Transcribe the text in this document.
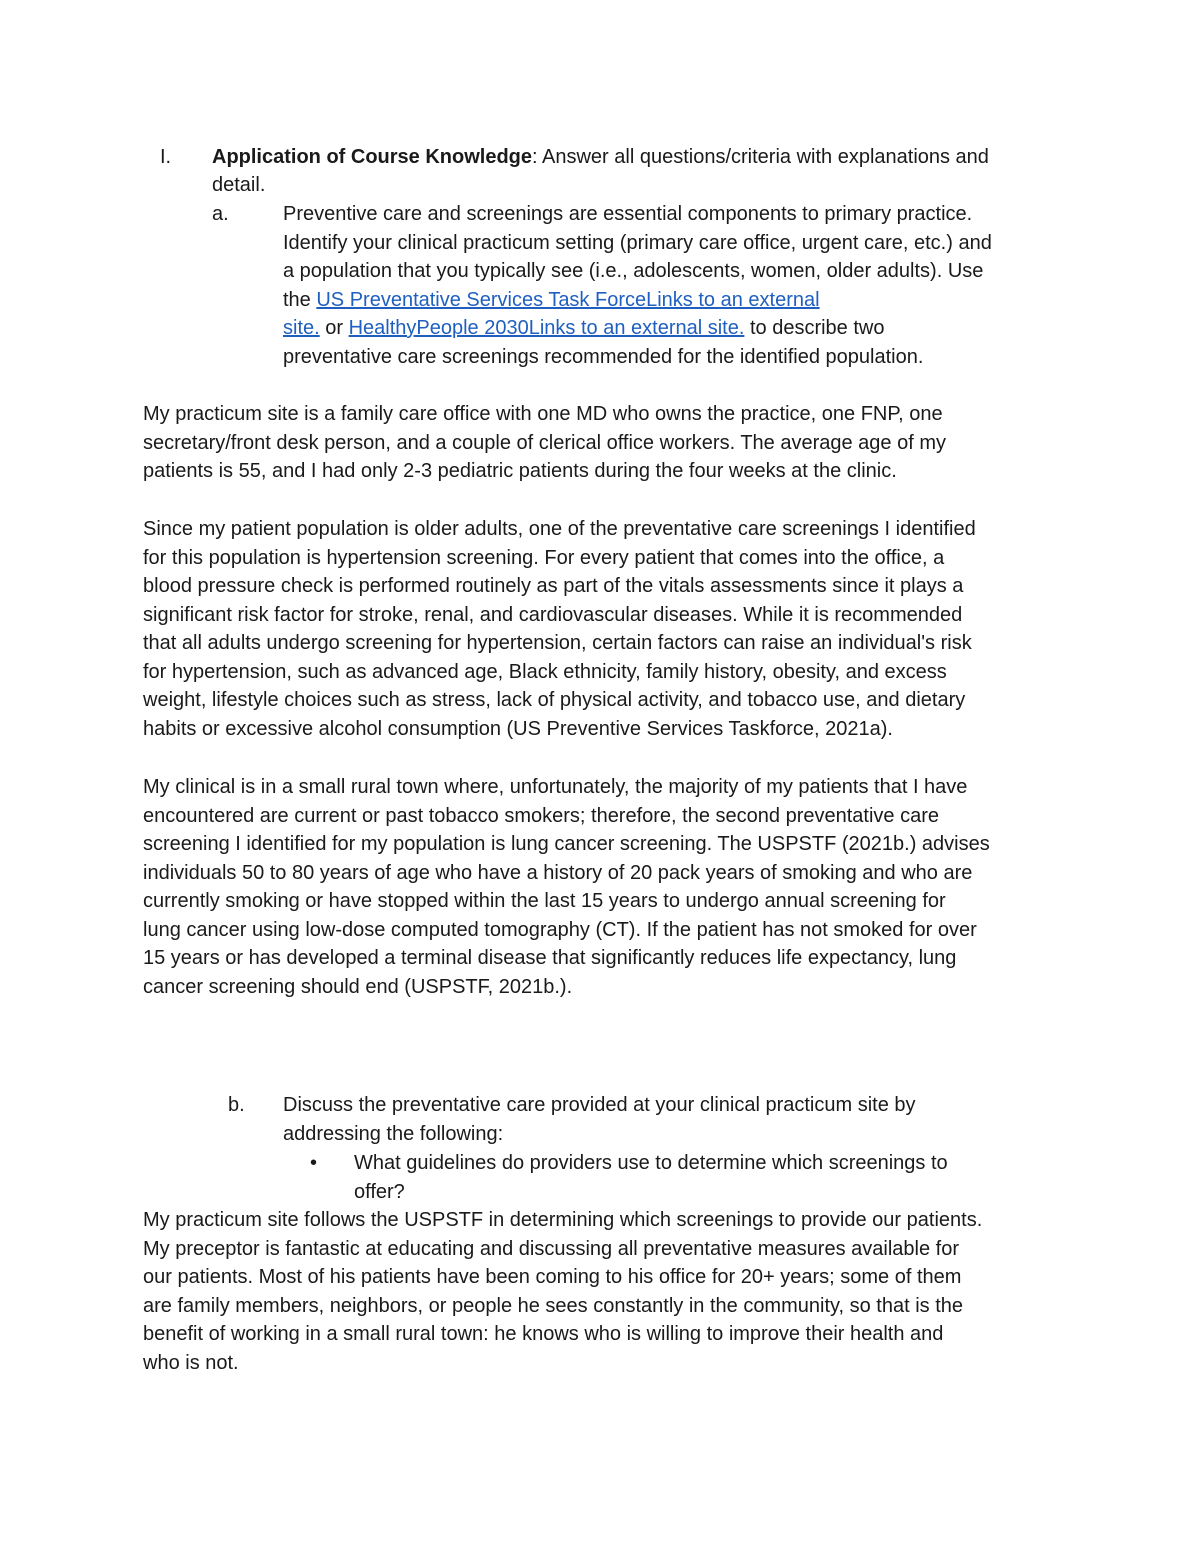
I. Application of Course Knowledge: Answer all questions/criteria with explanations and
detail.
a.	Preventive care and screenings are essential components to primary practice.
Identify your clinical practicum setting (primary care office, urgent care, etc.) and
a population that you typically see (i.e., adolescents, women, older adults). Use
the US Preventative Services Task ForceLinks to an external
site. or HealthyPeople 2030Links to an external site. to describe two
preventative care screenings recommended for the identified population.
My practicum site is a family care office with one MD who owns the practice, one FNP, one
secretary/front desk person, and a couple of clerical office workers. The average age of my
patients is 55, and I had only 2-3 pediatric patients during the four weeks at the clinic.
Since my patient population is older adults, one of the preventative care screenings I identified
for this population is hypertension screening. For every patient that comes into the office, a
blood pressure check is performed routinely as part of the vitals assessments since it plays a
significant risk factor for stroke, renal, and cardiovascular diseases. While it is recommended
that all adults undergo screening for hypertension, certain factors can raise an individual's risk
for hypertension, such as advanced age, Black ethnicity, family history, obesity, and excess
weight, lifestyle choices such as stress, lack of physical activity, and tobacco use, and dietary
habits or excessive alcohol consumption (US Preventive Services Taskforce, 2021a).
My clinical is in a small rural town where, unfortunately, the majority of my patients that I have
encountered are current or past tobacco smokers; therefore, the second preventative care
screening I identified for my population is lung cancer screening. The USPSTF (2021b.) advises
individuals 50 to 80 years of age who have a history of 20 pack years of smoking and who are
currently smoking or have stopped within the last 15 years to undergo annual screening for
lung cancer using low-dose computed tomography (CT). If the patient has not smoked for over
15 years or has developed a terminal disease that significantly reduces life expectancy, lung
cancer screening should end (USPSTF, 2021b.).
b. Discuss the preventative care provided at your clinical practicum site by
addressing the following:
• What guidelines do providers use to determine which screenings to
offer?
My practicum site follows the USPSTF in determining which screenings to provide our patients.
My preceptor is fantastic at educating and discussing all preventative measures available for
our patients. Most of his patients have been coming to his office for 20+ years; some of them
are family members, neighbors, or people he sees constantly in the community, so that is the
benefit of working in a small rural town: he knows who is willing to improve their health and
who is not.
